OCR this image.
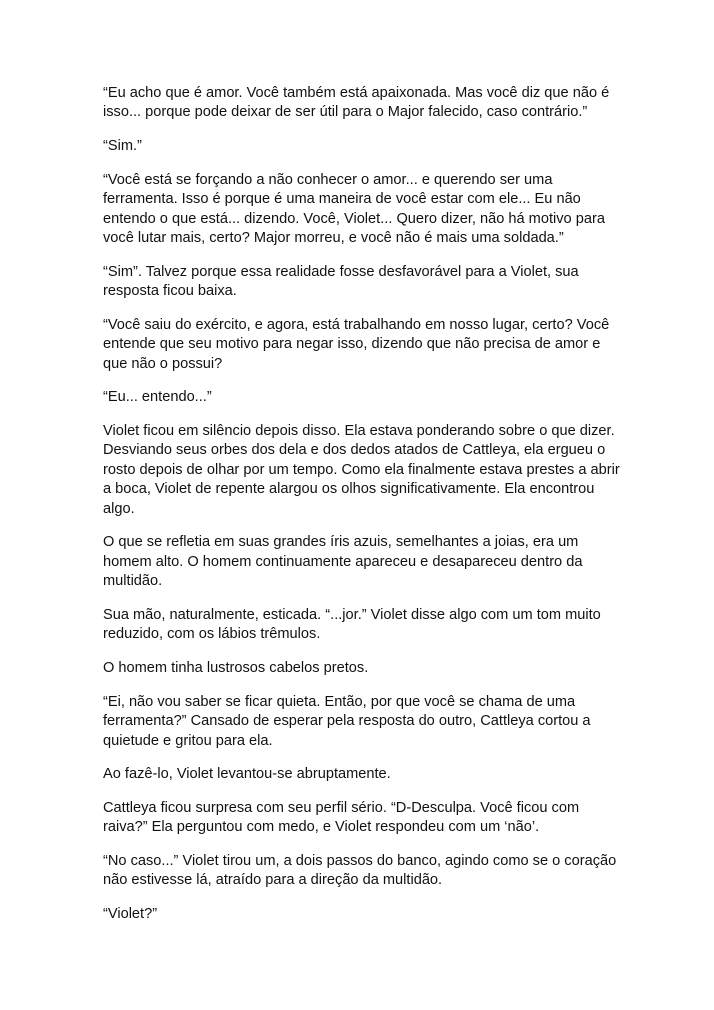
“Eu acho que é amor. Você também está apaixonada. Mas você diz que não é isso... porque pode deixar de ser útil para o Major falecido, caso contrário.”

“Sim.”

“Você está se forçando a não conhecer o amor... e querendo ser uma ferramenta. Isso é porque é uma maneira de você estar com ele... Eu não entendo o que está... dizendo. Você, Violet... Quero dizer, não há motivo para você lutar mais, certo? Major morreu, e você não é mais uma soldada.”

“Sim”. Talvez porque essa realidade fosse desfavorável para a Violet, sua resposta ficou baixa.

“Você saiu do exército, e agora, está trabalhando em nosso lugar, certo? Você entende que seu motivo para negar isso, dizendo que não precisa de amor e que não o possui?

“Eu... entendo...”

Violet ficou em silêncio depois disso. Ela estava ponderando sobre o que dizer. Desviando seus orbes dos dela e dos dedos atados de Cattleya, ela ergueu o rosto depois de olhar por um tempo. Como ela finalmente estava prestes a abrir a boca, Violet de repente alargou os olhos significativamente. Ela encontrou algo.

O que se refletia em suas grandes íris azuis, semelhantes a joias, era um homem alto. O homem continuamente apareceu e desapareceu dentro da multidão.

Sua mão, naturalmente, esticada. “...jor.” Violet disse algo com um tom muito reduzido, com os lábios trêmulos.

O homem tinha lustrosos cabelos pretos.

“Ei, não vou saber se ficar quieta. Então, por que você se chama de uma ferramenta?” Cansado de esperar pela resposta do outro, Cattleya cortou a quietude e gritou para ela.

Ao fazê-lo, Violet levantou-se abruptamente.

Cattleya ficou surpresa com seu perfil sério. “D-Desculpa. Você ficou com raiva?” Ela perguntou com medo, e Violet respondeu com um ‘não’.

“No caso...” Violet tirou um, a dois passos do banco, agindo como se o coração não estivesse lá, atraído para a direção da multidão.

“Violet?”
